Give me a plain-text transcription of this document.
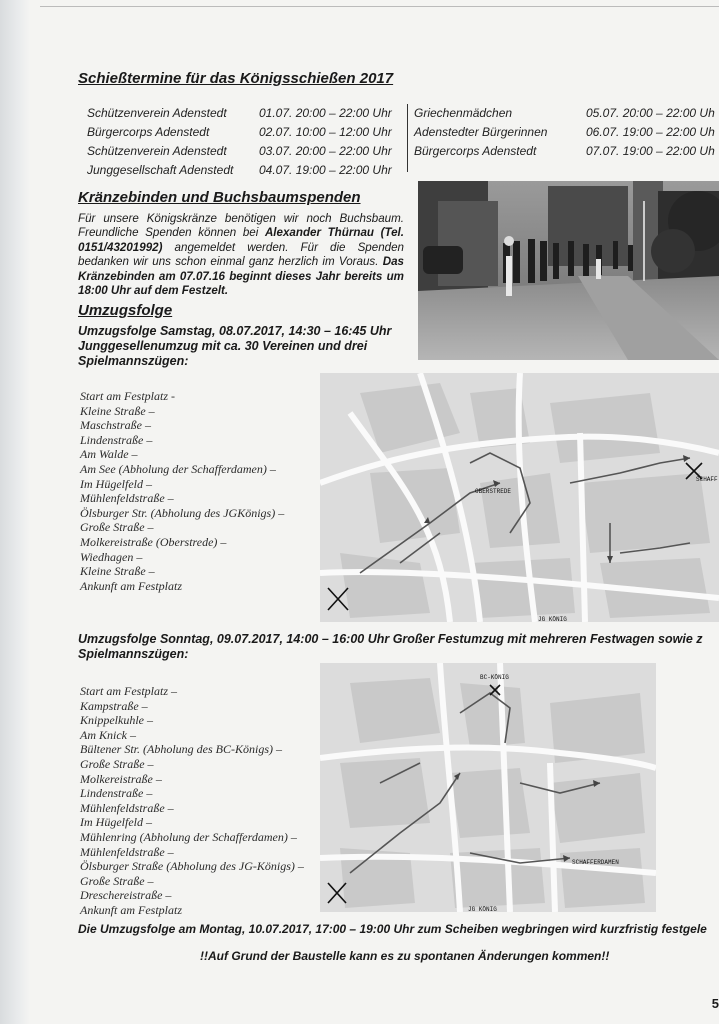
Schießtermine für das Königsschießen 2017
Schützenverein Adenstedt
Bürgercorps Adenstedt
Schützenverein Adenstedt
Junggesellschaft Adenstedt
01.07. 20:00 – 22:00 Uhr
02.07. 10:00 – 12:00 Uhr
03.07. 20:00 – 22:00 Uhr
04.07. 19:00 – 22:00 Uhr
Griechenmädchen
Adenstedter Bürgerinnen
Bürgercorps Adenstedt
05.07. 20:00 – 22:00 Uh
06.07. 19:00 – 22:00 Uh
07.07. 19:00 – 22:00 Uh
Kränzebinden und Buchsbaumspenden
Für unsere Königskränze benötigen wir noch Buchsbaum. Freundliche Spenden können bei Alexander Thürnau (Tel. 0151/43201992) angemeldet werden. Für die Spenden bedanken wir uns schon einmal ganz herzlich im Voraus. Das Kränzebinden am 07.07.16 beginnt dieses Jahr bereits um 18:00 Uhr auf dem Festzelt.
Umzugsfolge
Umzugsfolge Samstag, 08.07.2017, 14:30 – 16:45 Uhr
Junggesellenumzug mit ca. 30 Vereinen und drei
Spielmannszügen:
Start am Festplatz -
Kleine Straße –
Maschstraße –
Lindenstraße –
Am Walde –
Am See (Abholung der Schafferdamen) –
Im Hügelfeld –
Mühlenfeldstraße –
Ölsburger Str. (Abholung des JGKönigs) –
Große Straße –
Molkereistraße (Oberstrede) –
Wiedhagen –
Kleine Straße –
Ankunft am Festplatz
OBERSTREDE
SCHAFF
JG KÖNIG
Umzugsfolge Sonntag, 09.07.2017, 14:00 – 16:00 Uhr Großer Festumzug mit mehreren Festwagen sowie z
Spielmannszügen:
Start am Festplatz –
Kampstraße –
Knippelkuhle –
Am Knick –
Bültener Str. (Abholung des BC-Königs) –
Große Straße –
Molkereistraße –
Lindenstraße –
Mühlenfeldstraße –
Im Hügelfeld –
Mühlenring (Abholung der Schafferdamen) –
Mühlenfeldstraße –
Ölsburger Straße (Abholung des JG-Königs) –
Große Straße –
Dreschereistraße –
Ankunft am Festplatz
BC-KÖNIG
SCHAFFERDAMEN
JG KÖNIG
Die Umzugsfolge am Montag, 10.07.2017, 17:00 – 19:00 Uhr zum Scheiben wegbringen wird kurzfristig festgele
!!Auf Grund der Baustelle kann es zu spontanen Änderungen kommen!!
5
